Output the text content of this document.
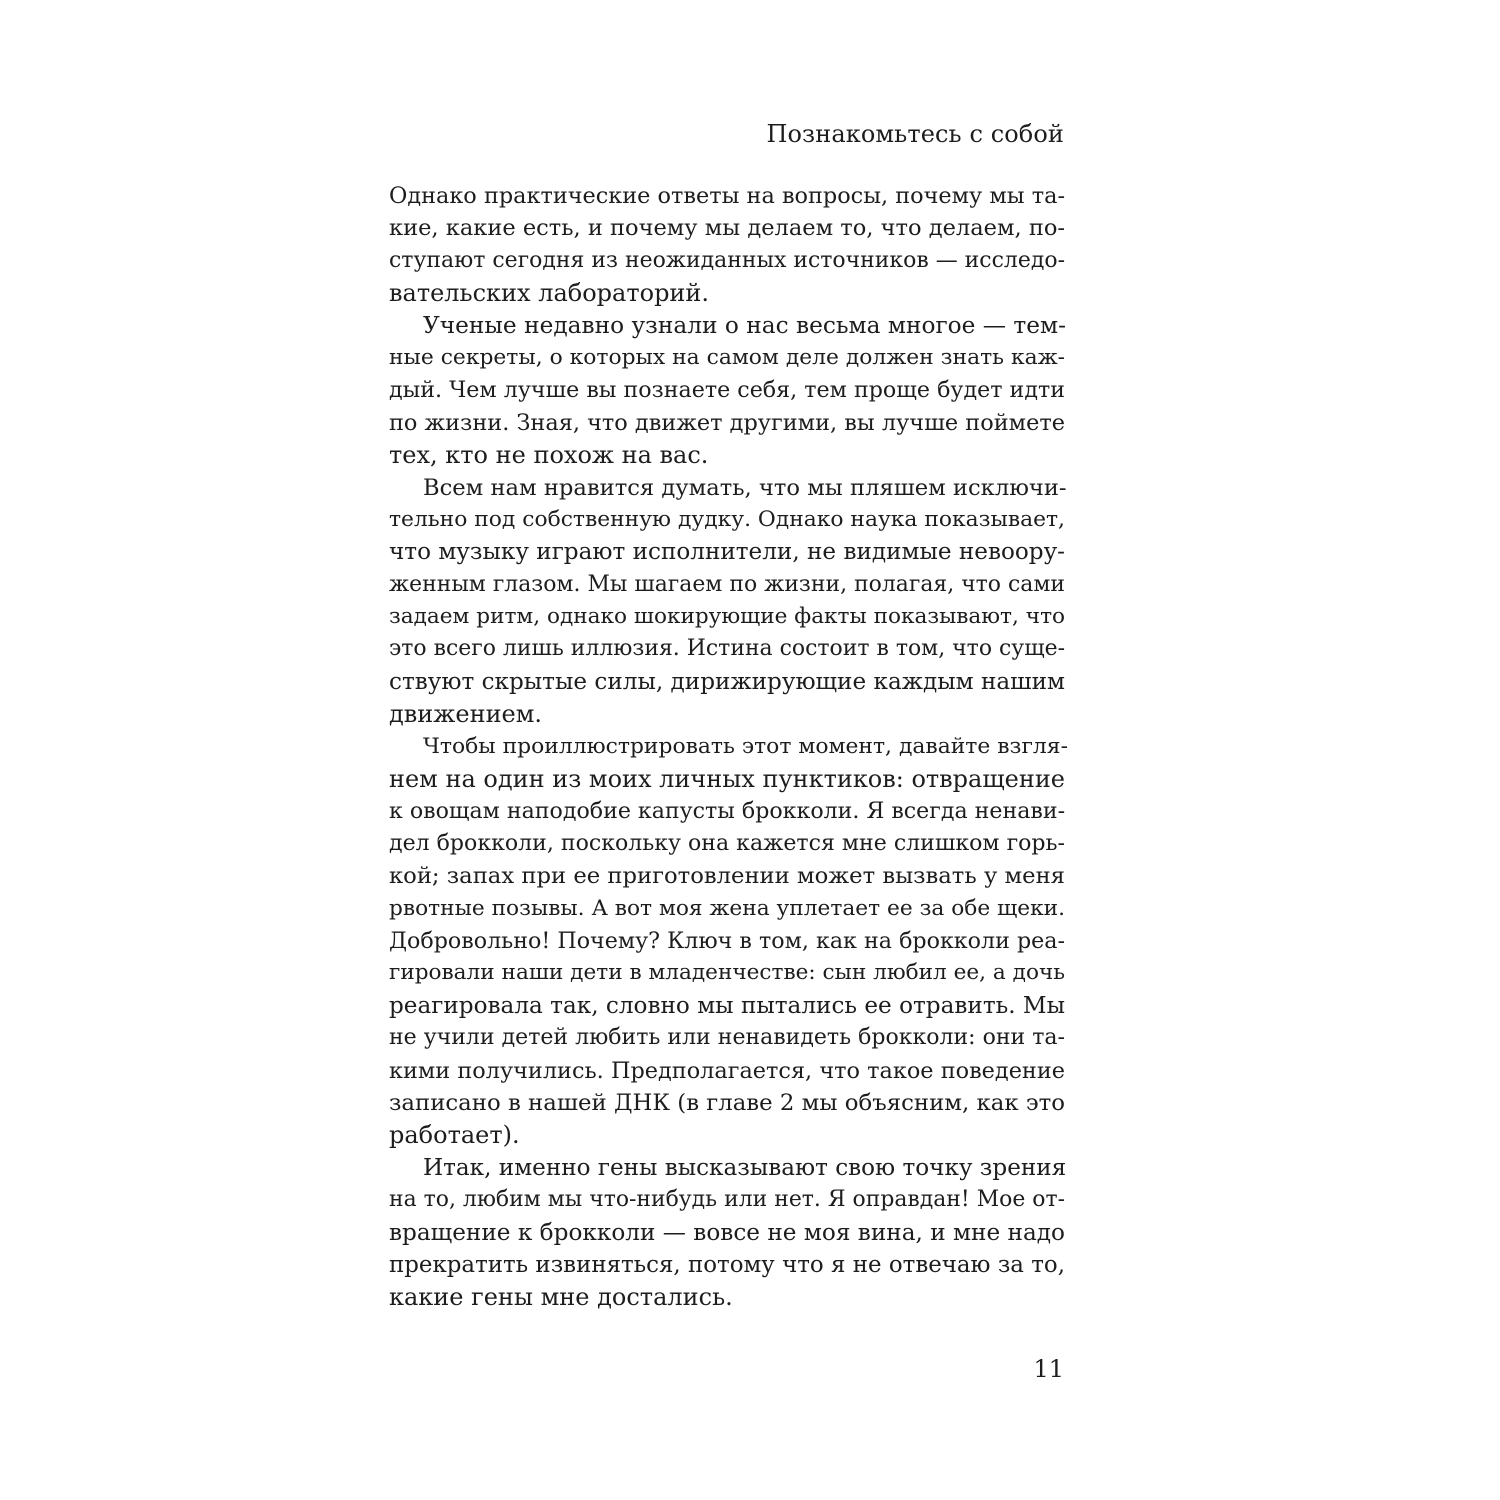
Познакомьтесь с собой
Однако практические ответы на вопросы, почему мы та-
кие, какие есть, и почему мы делаем то, что делаем, по-
ступают сегодня из неожиданных источников — исследо-
вательских лабораторий.
Ученые недавно узнали о нас весьма многое — тем-
ные секреты, о которых на самом деле должен знать каж-
дый. Чем лучше вы познаете себя, тем проще будет идти
по жизни. Зная, что движет другими, вы лучше поймете
тех, кто не похож на вас.
Всем нам нравится думать, что мы пляшем исключи-
тельно под собственную дудку. Однако наука показывает,
что музыку играют исполнители, не видимые невоору-
женным глазом. Мы шагаем по жизни, полагая, что сами
задаем ритм, однако шокирующие факты показывают, что
это всего лишь иллюзия. Истина состоит в том, что суще-
ствуют скрытые силы, дирижирующие каждым нашим
движением.
Чтобы проиллюстрировать этот момент, давайте взгля-
нем на один из моих личных пунктиков: отвращение
к овощам наподобие капусты брокколи. Я всегда ненави-
дел брокколи, поскольку она кажется мне слишком горь-
кой; запах при ее приготовлении может вызвать у меня
рвотные позывы. А вот моя жена уплетает ее за обе щеки.
Добровольно! Почему? Ключ в том, как на брокколи реа-
гировали наши дети в младенчестве: сын любил ее, а дочь
реагировала так, словно мы пытались ее отравить. Мы
не учили детей любить или ненавидеть брокколи: они та-
кими получились. Предполагается, что такое поведение
записано в нашей ДНК (в главе 2 мы объясним, как это
работает).
Итак, именно гены высказывают свою точку зрения
на то, любим мы что-нибудь или нет. Я оправдан! Мое от-
вращение к брокколи — вовсе не моя вина, и мне надо
прекратить извиняться, потому что я не отвечаю за то,
какие гены мне достались.
11
